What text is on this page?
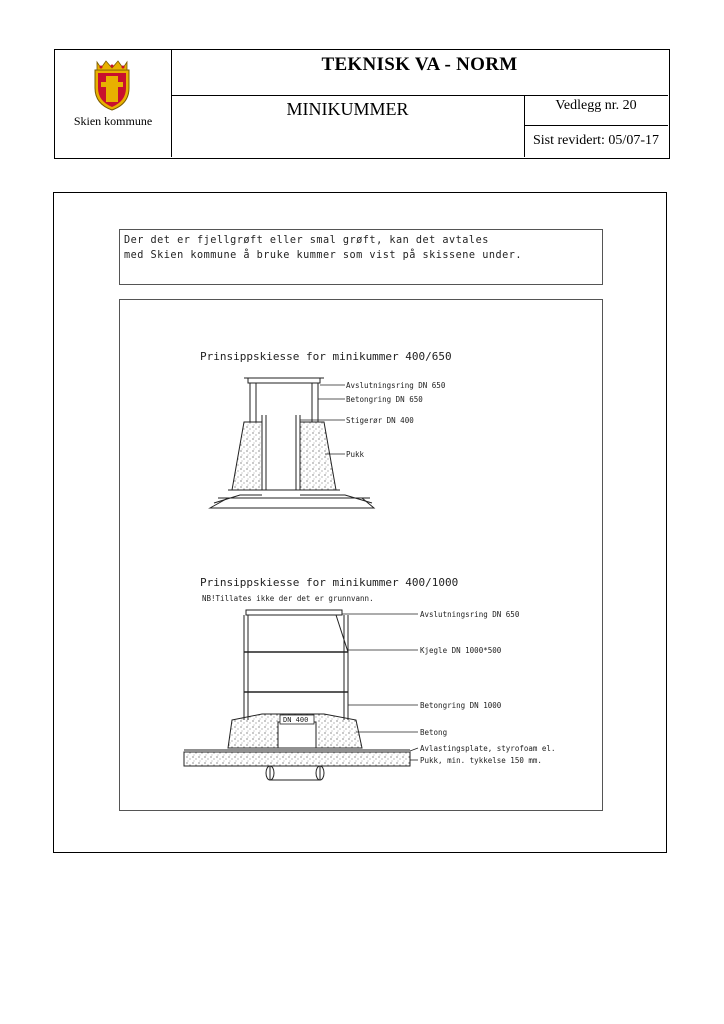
Skien kommune
TEKNISK VA - NORM
MINIKUMMER	Vedlegg nr. 20
Sist revidert: 05/07-17
Der det er fjellgrøft eller smal grøft, kan det avtales
med Skien kommune å bruke kummer som vist på skissene under.
Prinsippskiesse for minikummer 400/650
Avslutningsring DN 650
Betongring DN 650
Stigerør DN 400
Pukk
Prinsippskiesse for minikummer 400/1000
NB!Tillates ikke der det er grunnvann.
DN 400
Avslutningsring DN 650
Kjegle DN 1000*500
Betongring DN 1000
Betong
Avlastingsplate, styrofoam el.
Pukk, min. tykkelse 150 mm.
